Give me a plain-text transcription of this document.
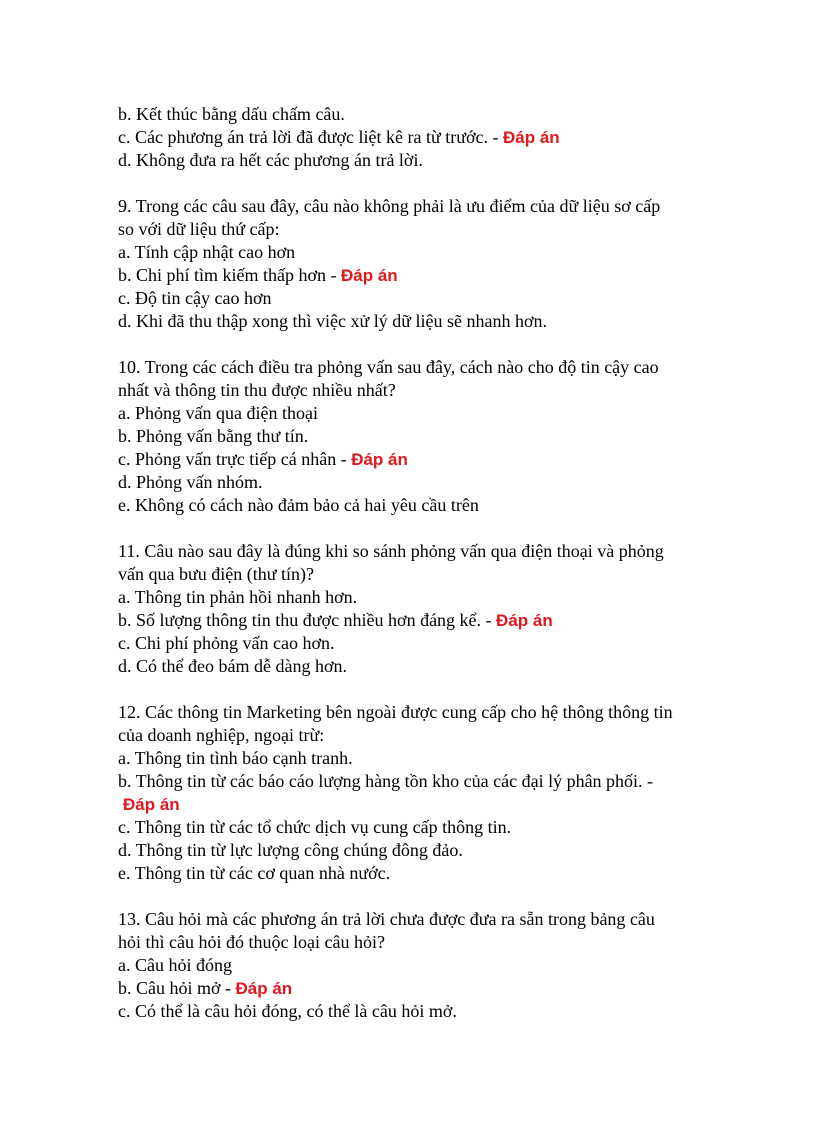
b. Kết thúc bằng dấu chấm câu.
c. Các phương án trả lời đã được liệt kê ra từ trước. - Đáp án
d. Không đưa ra hết các phương án trả lời.
9. Trong các câu sau đây, câu nào không phải là ưu điểm của dữ liệu sơ cấp
so với dữ liệu thứ cấp:
a. Tính cập nhật cao hơn
b. Chi phí tìm kiếm thấp hơn - Đáp án
c. Độ tin cậy cao hơn
d. Khi đã thu thập xong thì việc xử lý dữ liệu sẽ nhanh hơn.
10. Trong các cách điều tra phỏng vấn sau đây, cách nào cho độ tin cậy cao
nhất và thông tin thu được nhiều nhất?
a. Phỏng vấn qua điện thoại
b. Phỏng vấn bằng thư tín.
c. Phỏng vấn trực tiếp cá nhân - Đáp án
d. Phỏng vấn nhóm.
e. Không có cách nào đảm bảo cả hai yêu cầu trên
11. Câu nào sau đây là đúng khi so sánh phỏng vấn qua điện thoại và phỏng
vấn qua bưu điện (thư tín)?
a. Thông tin phản hồi nhanh hơn.
b. Số lượng thông tin thu được nhiều hơn đáng kể. - Đáp án
c. Chi phí phỏng vấn cao hơn.
d. Có thể đeo bám dễ dàng hơn.
12. Các thông tin Marketing bên ngoài được cung cấp cho hệ thông thông tin
của doanh nghiệp, ngoại trừ:
a. Thông tin tình báo cạnh tranh.
b. Thông tin từ các báo cáo lượng hàng tồn kho của các đại lý phân phối. -
Đáp án
c. Thông tin từ các tổ chức dịch vụ cung cấp thông tin.
d. Thông tin từ lực lượng công chúng đông đảo.
e. Thông tin từ các cơ quan nhà nước.
13. Câu hỏi mà các phương án trả lời chưa được đưa ra sẵn trong bảng câu
hỏi thì câu hỏi đó thuộc loại câu hỏi?
a. Câu hỏi đóng
b. Câu hỏi mở - Đáp án
c. Có thể là câu hỏi đóng, có thể là câu hỏi mở.
